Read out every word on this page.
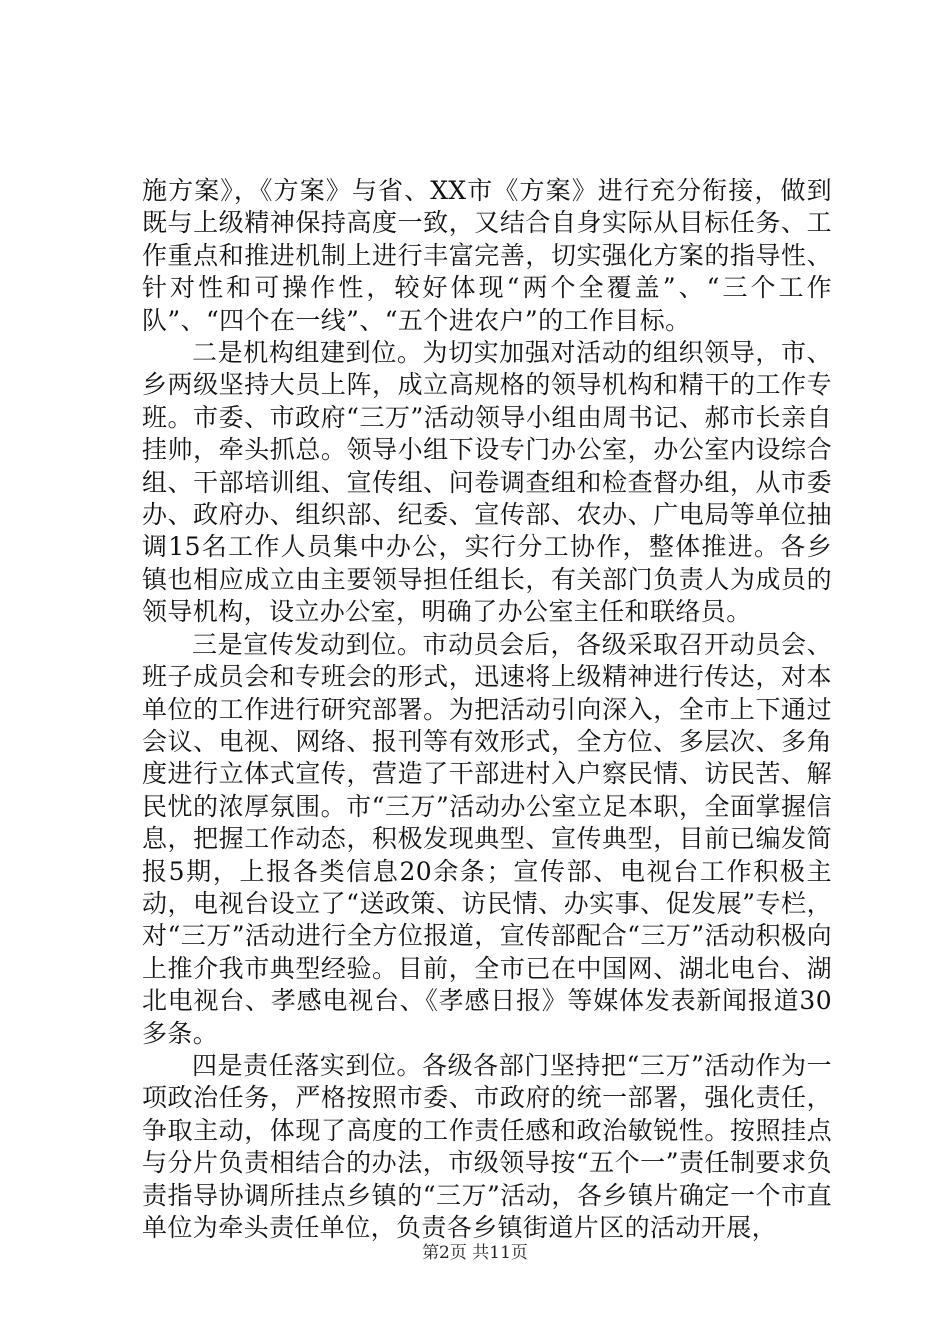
施方案》，《方案》与省、XX市《方案》进行充分衔接，做到既与上级精神保持高度一致，又结合自身实际从目标任务、工作重点和推进机制上进行丰富完善，切实强化方案的指导性、针对性和可操作性，较好体现“两个全覆盖”、“三个工作队”、“四个在一线”、“五个进农户”的工作目标。

二是机构组建到位。为切实加强对活动的组织领导，市、乡两级坚持大员上阵，成立高规格的领导机构和精干的工作专班。市委、市政府“三万”活动领导小组由周书记、郝市长亲自挂帅，牵头抓总。领导小组下设专门办公室，办公室内设综合组、干部培训组、宣传组、问卷调查组和检查督办组，从市委办、政府办、组织部、纪委、宣传部、农办、广电局等单位抽调15名工作人员集中办公，实行分工协作，整体推进。各乡镇也相应成立由主要领导担任组长，有关部门负责人为成员的领导机构，设立办公室，明确了办公室主任和联络员。

三是宣传发动到位。市动员会后，各级采取召开动员会、班子成员会和专班会的形式，迅速将上级精神进行传达，对本单位的工作进行研究部署。为把活动引向深入，全市上下通过会议、电视、网络、报刊等有效形式，全方位、多层次、多角度进行立体式宣传，营造了干部进村入户察民情、访民苦、解民忧的浓厚氛围。市“三万”活动办公室立足本职，全面掌握信息，把握工作动态，积极发现典型、宣传典型，目前已编发简报5期，上报各类信息20余条；宣传部、电视台工作积极主动，电视台设立了“送政策、访民情、办实事、促发展”专栏，对“三万”活动进行全方位报道，宣传部配合“三万”活动积极向上推介我市典型经验。目前，全市已在中国网、湖北电台、湖北电视台、孝感电视台、《孝感日报》等媒体发表新闻报道30多条。

四是责任落实到位。各级各部门坚持把“三万”活动作为一项政治任务，严格按照市委、市政府的统一部署，强化责任，争取主动，体现了高度的工作责任感和政治敏锐性。按照挂点与分片负责相结合的办法，市级领导按“五个一”责任制要求负责指导协调所挂点乡镇的“三万”活动，各乡镇片确定一个市直单位为牵头责任单位，负责各乡镇街道片区的活动开展，

第2页 共11页
